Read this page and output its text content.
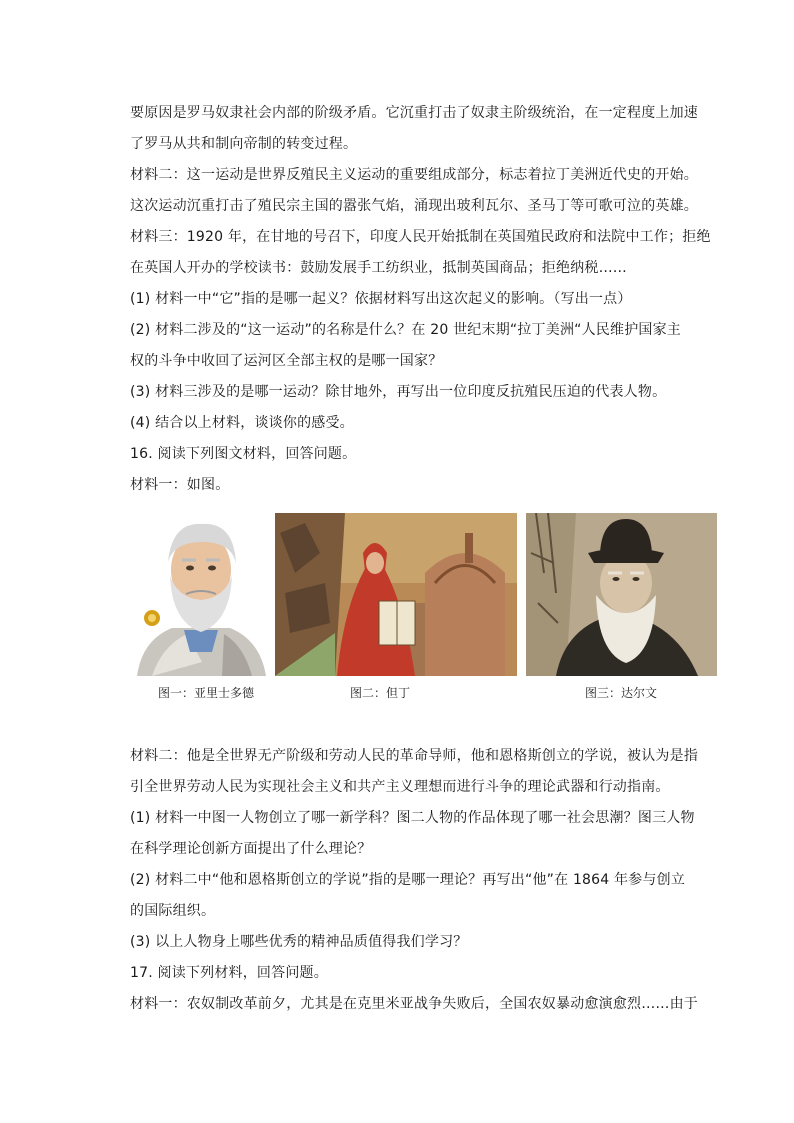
要原因是罗马奴隶社会内部的阶级矛盾。它沉重打击了奴隶主阶级统治，在一定程度上加速
了罗马从共和制向帝制的转变过程。
材料二：这一运动是世界反殖民主义运动的重要组成部分，标志着拉丁美洲近代史的开始。
这次运动沉重打击了殖民宗主国的嚣张气焰，涌现出玻利瓦尔、圣马丁等可歌可泣的英雄。
材料三：1920 年，在甘地的号召下，印度人民开始抵制在英国殖民政府和法院中工作；拒绝
在英国人开办的学校读书：鼓励发展手工纺织业，抵制英国商品；拒绝纳税……
(1) 材料一中“它”指的是哪一起义？依据材料写出这次起义的影响。（写出一点）
(2) 材料二涉及的“这一运动”的名称是什么？在 20 世纪末期“拉丁美洲“人民维护国家主
权的斗争中收回了运河区全部主权的是哪一国家？
(3) 材料三涉及的是哪一运动？除甘地外，再写出一位印度反抗殖民压迫的代表人物。
(4) 结合以上材料，谈谈你的感受。
16. 阅读下列图文材料，回答问题。
材料一：如图。
图一：亚里士多德	图二：但丁	图三：达尔文
材料二：他是全世界无产阶级和劳动人民的革命导师，他和恩格斯创立的学说，被认为是指
引全世界劳动人民为实现社会主义和共产主义理想而进行斗争的理论武器和行动指南。
(1) 材料一中图一人物创立了哪一新学科？图二人物的作品体现了哪一社会思潮？图三人物
在科学理论创新方面提出了什么理论？
(2) 材料二中“他和恩格斯创立的学说”指的是哪一理论？再写出“他”在 1864 年参与创立
的国际组织。
(3) 以上人物身上哪些优秀的精神品质值得我们学习？
17. 阅读下列材料，回答问题。
材料一：农奴制改革前夕，尤其是在克里米亚战争失败后，全国农奴暴动愈演愈烈……由于
